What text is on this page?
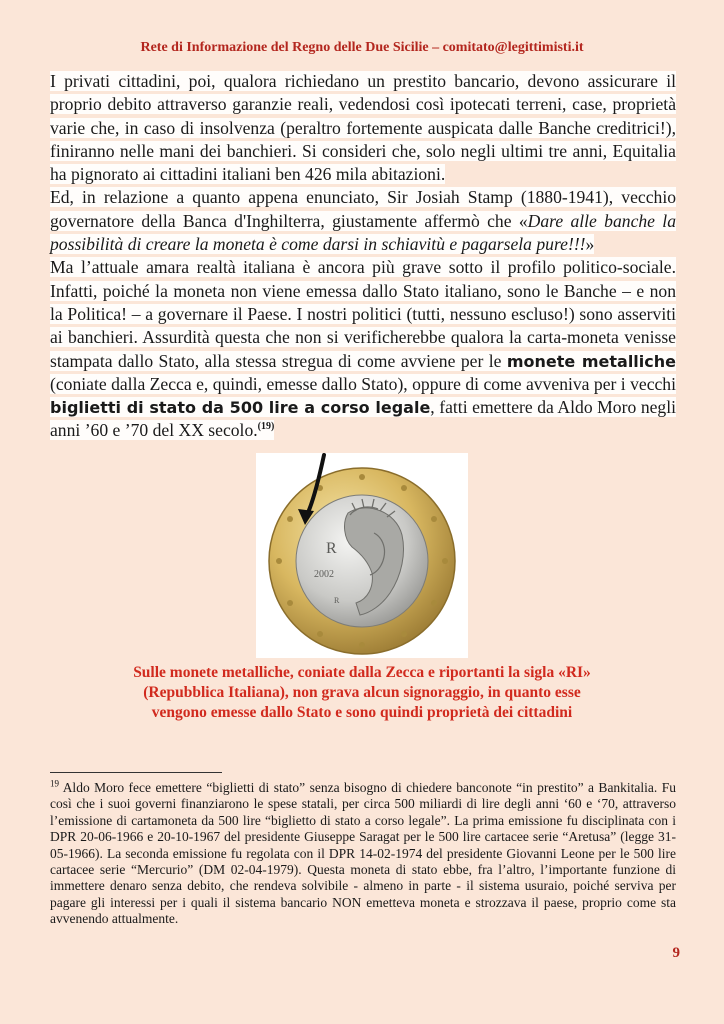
Rete di Informazione del Regno delle Due Sicilie – comitato@legittimisti.it

I privati cittadini, poi, qualora richiedano un prestito bancario, devono assicurare il proprio debito attraverso garanzie reali, vedendosi così ipotecati terreni, case, proprietà varie che, in caso di insolvenza (peraltro fortemente auspicata dalle Banche creditrici!), finiranno nelle mani dei banchieri. Si consideri che, solo negli ultimi tre anni, Equitalia ha pignorato ai cittadini italiani ben 426 mila abitazioni.

Ed, in relazione a quanto appena enunciato, Sir Josiah Stamp (1880-1941), vecchio governatore della Banca d'Inghilterra, giustamente affermò che «Dare alle banche la possibilità di creare la moneta è come darsi in schiavitù e pagarsela pure!!!»

Ma l’attuale amara realtà italiana è ancora più grave sotto il profilo politico-sociale. Infatti, poiché la moneta non viene emessa dallo Stato italiano, sono le Banche – e non la Politica! – a governare il Paese. I nostri politici (tutti, nessuno escluso!) sono asserviti ai banchieri. Assurdità questa che non si verificherebbe qualora la carta-moneta venisse stampata dallo Stato, alla stessa stregua di come avviene per le monete metalliche (coniate dalla Zecca e, quindi, emesse dallo Stato), oppure di come avveniva per i vecchi biglietti di stato da 500 lire a corso legale, fatti emettere da Aldo Moro negli anni ’60 e ’70 del XX secolo.$^{(19)}$

R
2002
R
Sulle monete metalliche, coniate dalla Zecca e riportanti la sigla «RI»
(Repubblica Italiana), non grava alcun signoraggio, in quanto esse
vengono emesse dallo Stato e sono quindi proprietà dei cittadini
$^{19}$ Aldo Moro fece emettere “biglietti di stato” senza bisogno di chiedere banconote “in prestito” a Bankitalia. Fu così che i suoi governi finanziarono le spese statali, per circa 500 miliardi di lire degli anni ‘60 e ‘70, attraverso l’emissione di cartamoneta da 500 lire “biglietto di stato a corso legale”. La prima emissione fu disciplinata con i DPR 20-06-1966 e 20-10-1967 del presidente Giuseppe Saragat per le 500 lire cartacee serie “Aretusa” (legge 31-05-1966). La seconda emissione fu regolata con il DPR 14-02-1974 del presidente Giovanni Leone per le 500 lire cartacee serie “Mercurio” (DM 02-04-1979). Questa moneta di stato ebbe, fra l’altro, l’importante funzione di immettere denaro senza debito, che rendeva solvibile - almeno in parte - il sistema usuraio, poiché serviva per pagare gli interessi per i quali il sistema bancario NON emetteva moneta e strozzava il paese, proprio come sta avvenendo attualmente.
9
